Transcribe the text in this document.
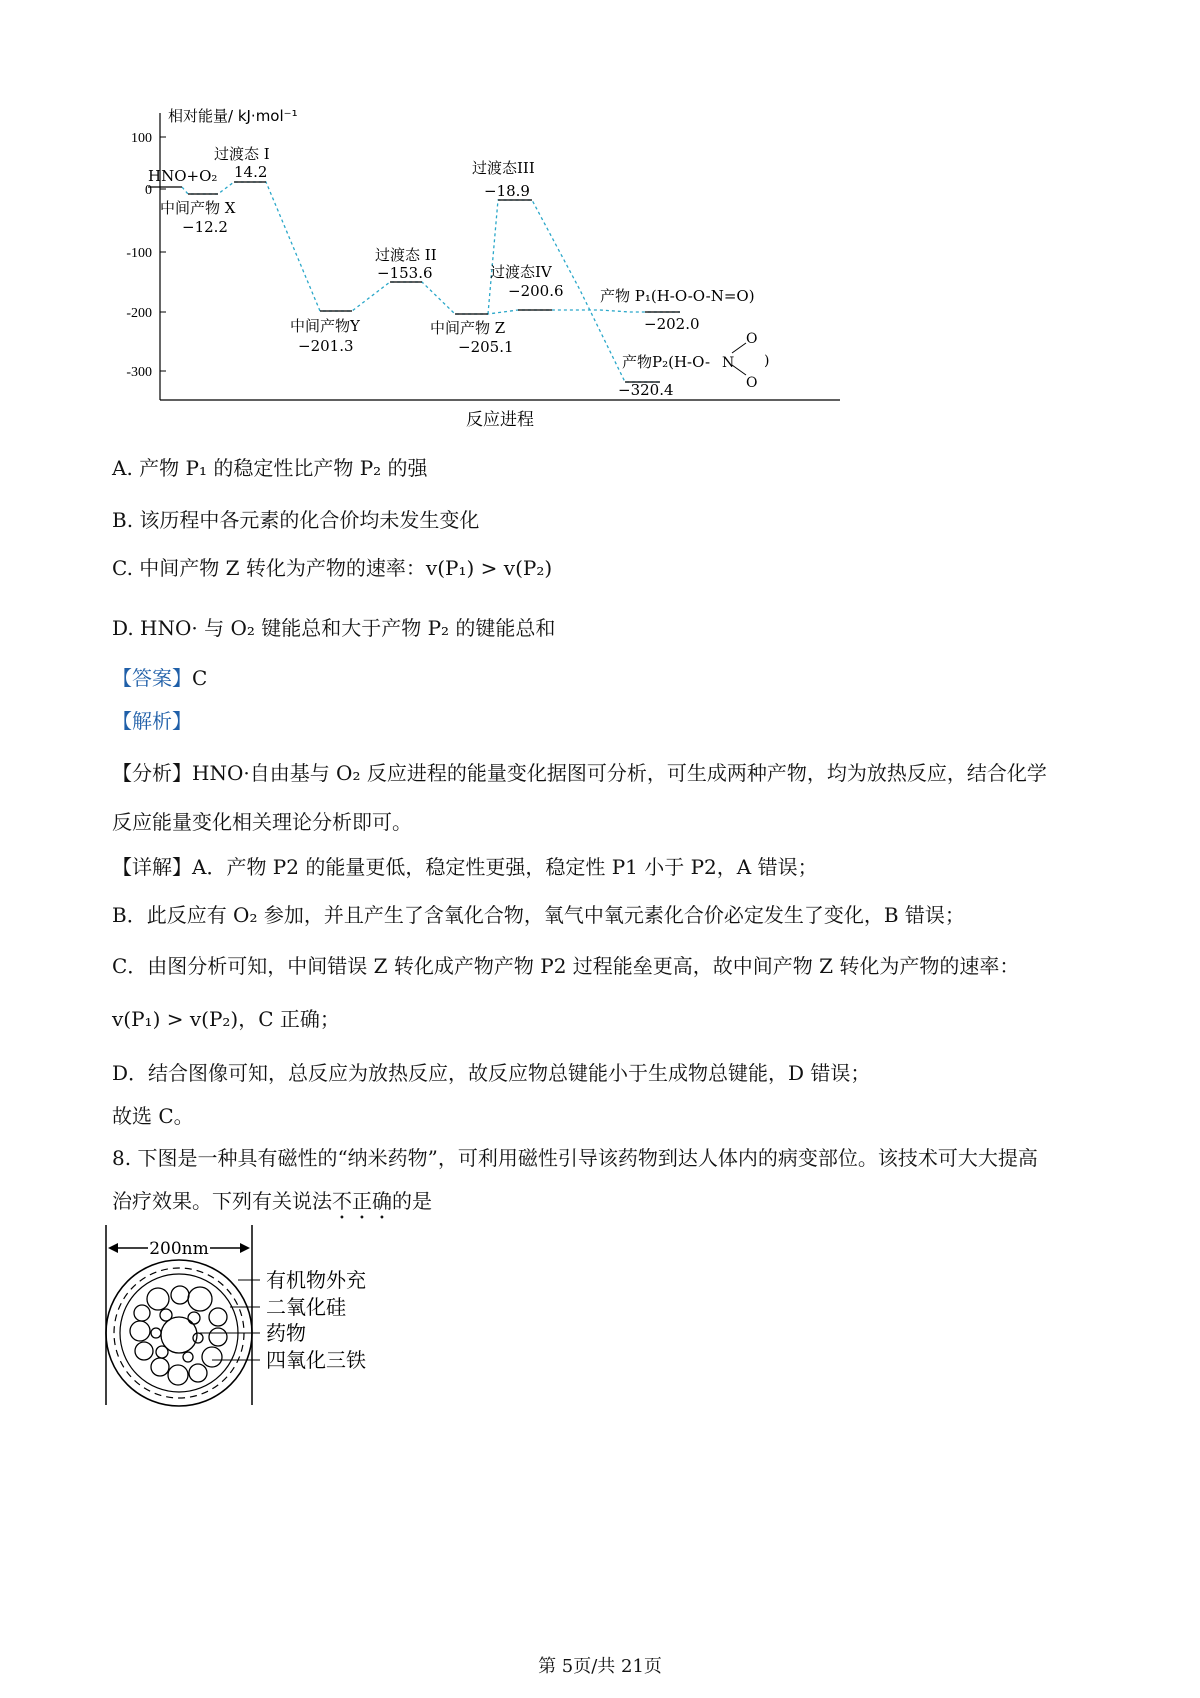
100
0
-100
-200
-300
相对能量/ kJ·mol⁻¹
反应进程
HNO+O₂
中间产物 X
−12.2
过渡态 I
14.2
中间产物Y
−201.3
过渡态 II
−153.6
中间产物 Z
−205.1
过渡态IV
−200.6 产物 P₁(H-O-O-N=O)
−202.0
过渡态III
−18.9
产物P₂(H-O-
−320.4
N
O
O
)
A. 产物 P₁ 的稳定性比产物 P₂ 的强
B. 该历程中各元素的化合价均未发生变化
C. 中间产物 Z 转化为产物的速率：v(P₁) > v(P₂)
D. HNO· 与 O₂ 键能总和大于产物 P₂ 的键能总和
【答案】C
【解析】
【分析】HNO·自由基与 O₂ 反应进程的能量变化据图可分析，可生成两种产物，均为放热反应，结合化学
反应能量变化相关理论分析即可。
【详解】A．产物 P2 的能量更低，稳定性更强，稳定性 P1 小于 P2，A 错误；
B．此反应有 O₂ 参加，并且产生了含氧化合物，氧气中氧元素化合价必定发生了变化，B 错误；
C．由图分析可知，中间错误 Z 转化成产物产物 P2 过程能垒更高，故中间产物 Z 转化为产物的速率：
v(P₁) > v(P₂)，C 正确；
D．结合图像可知，总反应为放热反应，故反应物总键能小于生成物总键能，D 错误；
故选 C。
8. 下图是一种具有磁性的“纳米药物”，可利用磁性引导该药物到达人体内的病变部位。该技术可大大提高
治疗效果。下列有关说法不正确的是
200nm
有机物外充
二氧化硅
药物
四氧化三铁
第 5页/共 21页
